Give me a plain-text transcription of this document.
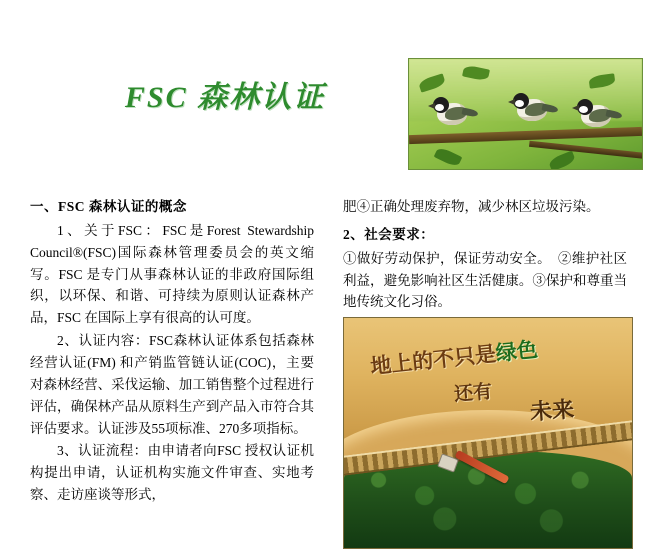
FSC 森林认证
一、FSC 森林认证的概念

1、关于FSC：FSC是Forest Stewardship Council®(FSC)国际森林管理委员会的英文缩写。FSC 是专门从事森林认证的非政府国际组织，以环保、和谐、可持续为原则认证森林产品，FSC 在国际上享有很高的认可度。

2、认证内容：FSC森林认证体系包括森林经营认证(FM) 和产销监管链认证(COC)，主要对森林经营、采伐运输、加工销售整个过程进行评估，确保林产品从原料生产到产品入市符合其评估要求。认证涉及55项标准、270多项指标。

3、认证流程：由申请者向FSC 授权认证机构提出申请，认证机构实施文件审查、实地考察、走访座谈等形式，

肥④正确处理废弃物，减少林区垃圾污染。

2、社会要求：

①做好劳动保护，保证劳动安全。　②维护社区利益，避免影响社区生活健康。③保护和尊重当地传统文化习俗。

地上的不只是绿色
还有
未来
